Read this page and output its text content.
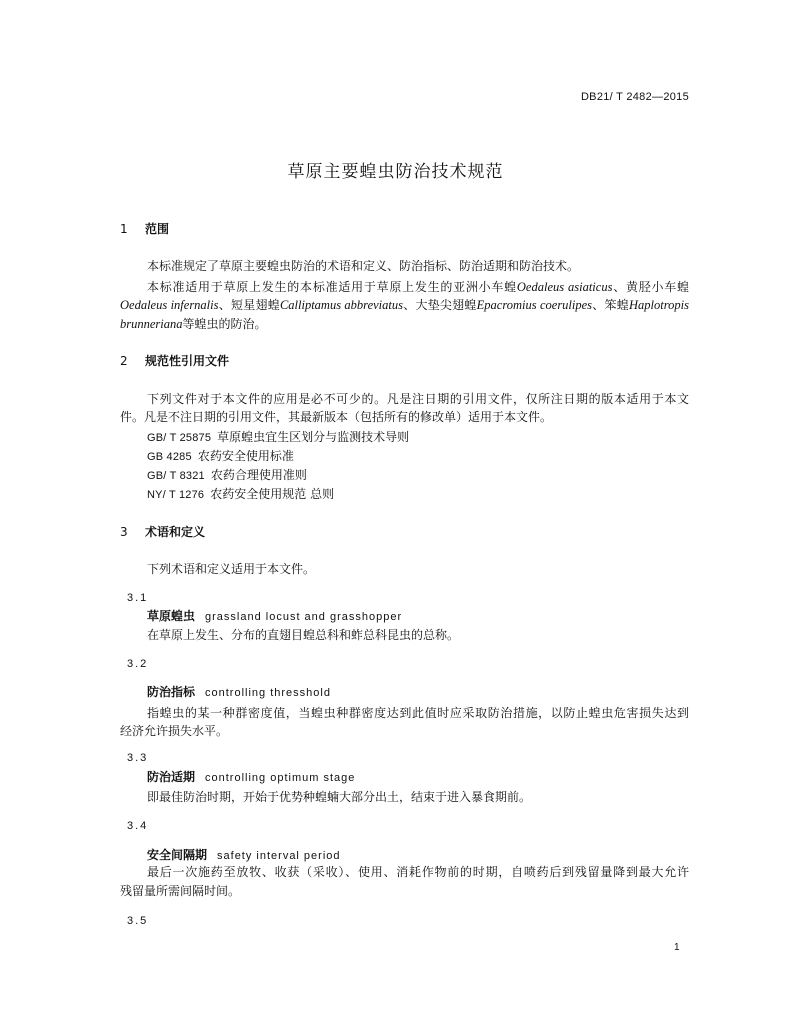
DB21/ T 2482—2015
草原主要蝗虫防治技术规范
1 范围
本标准规定了草原主要蝗虫防治的术语和定义、防治指标、防治适期和防治技术。
本标准适用于草原上发生的本标准适用于草原上发生的亚洲小车蝗Oedaleus asiaticus、黄胫小车蝗
Oedaleus infernalis、短星翅蝗Calliptamus abbreviatus、大垫尖翅蝗Epacromius coerulipes、笨蝗Haplotropis
brunneriana等蝗虫的防治。
2 规范性引用文件
下列文件对于本文件的应用是必不可少的。凡是注日期的引用文件，仅所注日期的版本适用于本文
件。凡是不注日期的引用文件，其最新版本（包括所有的修改单）适用于本文件。
GB/ T 25875 草原蝗虫宜生区划分与监测技术导则
GB 4285 农药安全使用标准
GB/ T 8321 农药合理使用准则
NY/ T 1276 农药安全使用规范 总则
3 术语和定义
下列术语和定义适用于本文件。
3.1
草原蝗虫 grassland locust and grasshopper
在草原上发生、分布的直翅目蝗总科和蚱总科昆虫的总称。
3.2
防治指标 controlling thresshold
指蝗虫的某一种群密度值，当蝗虫种群密度达到此值时应采取防治措施，以防止蝗虫危害损失达到
经济允许损失水平。
3.3
防治适期 controlling optimum stage
即最佳防治时期，开始于优势种蝗蝻大部分出土，结束于进入暴食期前。
3.4
安全间隔期 safety interval period
最后一次施药至放牧、收获（采收）、使用、消耗作物前的时期，自喷药后到残留量降到最大允许
残留量所需间隔时间。
3.5
1
